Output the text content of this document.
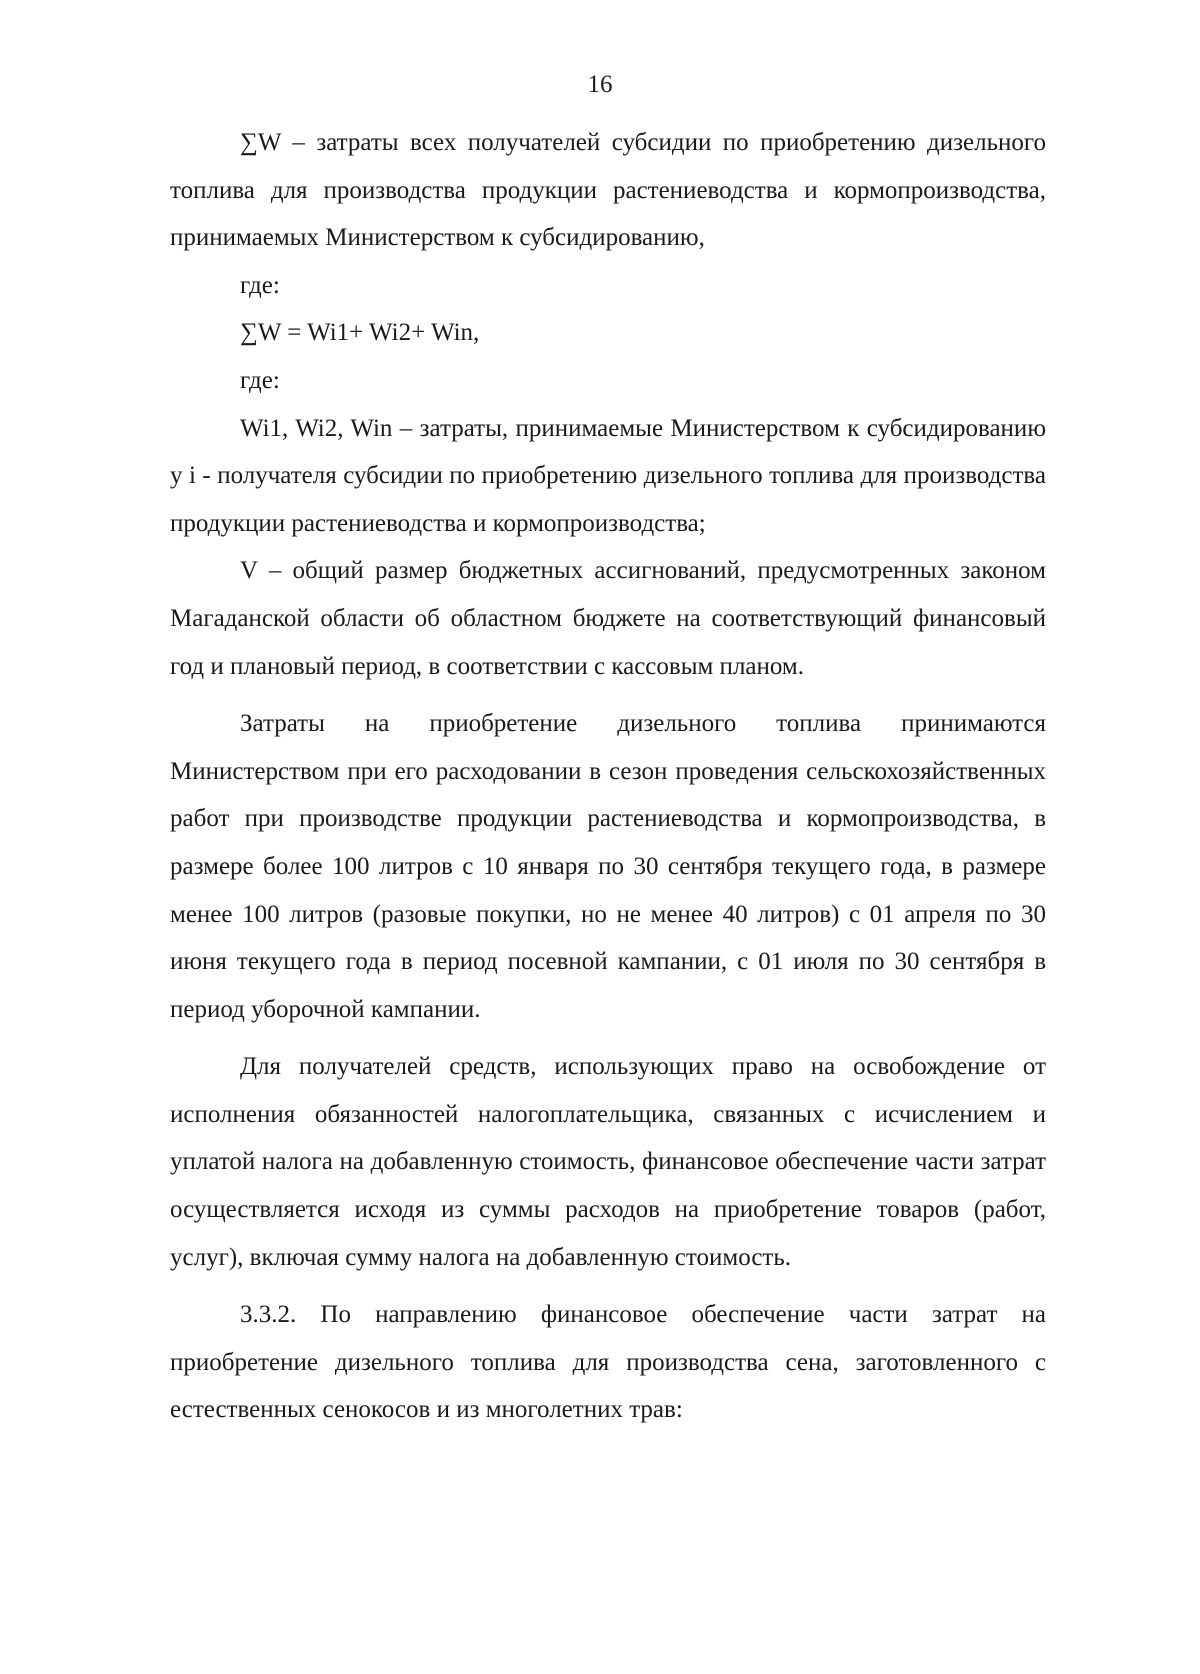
16

∑W – затраты всех получателей субсидии по приобретению дизельного топлива для производства продукции растениеводства и кормопроизводства, принимаемых Министерством к субсидированию,

где:

∑W = Wi1+ Wi2+ Win,

где:

Wi1, Wi2, Win – затраты, принимаемые Министерством к субсидированию у i - получателя субсидии по приобретению дизельного топлива для производства продукции растениеводства и кормопроизводства;

V – общий размер бюджетных ассигнований, предусмотренных законом Магаданской области об областном бюджете на соответствующий финансовый год и плановый период, в соответствии с кассовым планом.

Затраты на приобретение дизельного топлива принимаются Министерством при его расходовании в сезон проведения сельскохозяйственных работ при производстве продукции растениеводства и кормопроизводства, в размере более 100 литров с 10 января по 30 сентября текущего года, в размере менее 100 литров (разовые покупки, но не менее 40 литров) с 01 апреля по 30 июня текущего года в период посевной кампании, с 01 июля по 30 сентября в период уборочной кампании.

Для получателей средств, использующих право на освобождение от исполнения обязанностей налогоплательщика, связанных с исчислением и уплатой налога на добавленную стоимость, финансовое обеспечение части затрат осуществляется исходя из суммы расходов на приобретение товаров (работ, услуг), включая сумму налога на добавленную стоимость.

3.3.2. По направлению финансовое обеспечение части затрат на приобретение дизельного топлива для производства сена, заготовленного с естественных сенокосов и из многолетних трав:
